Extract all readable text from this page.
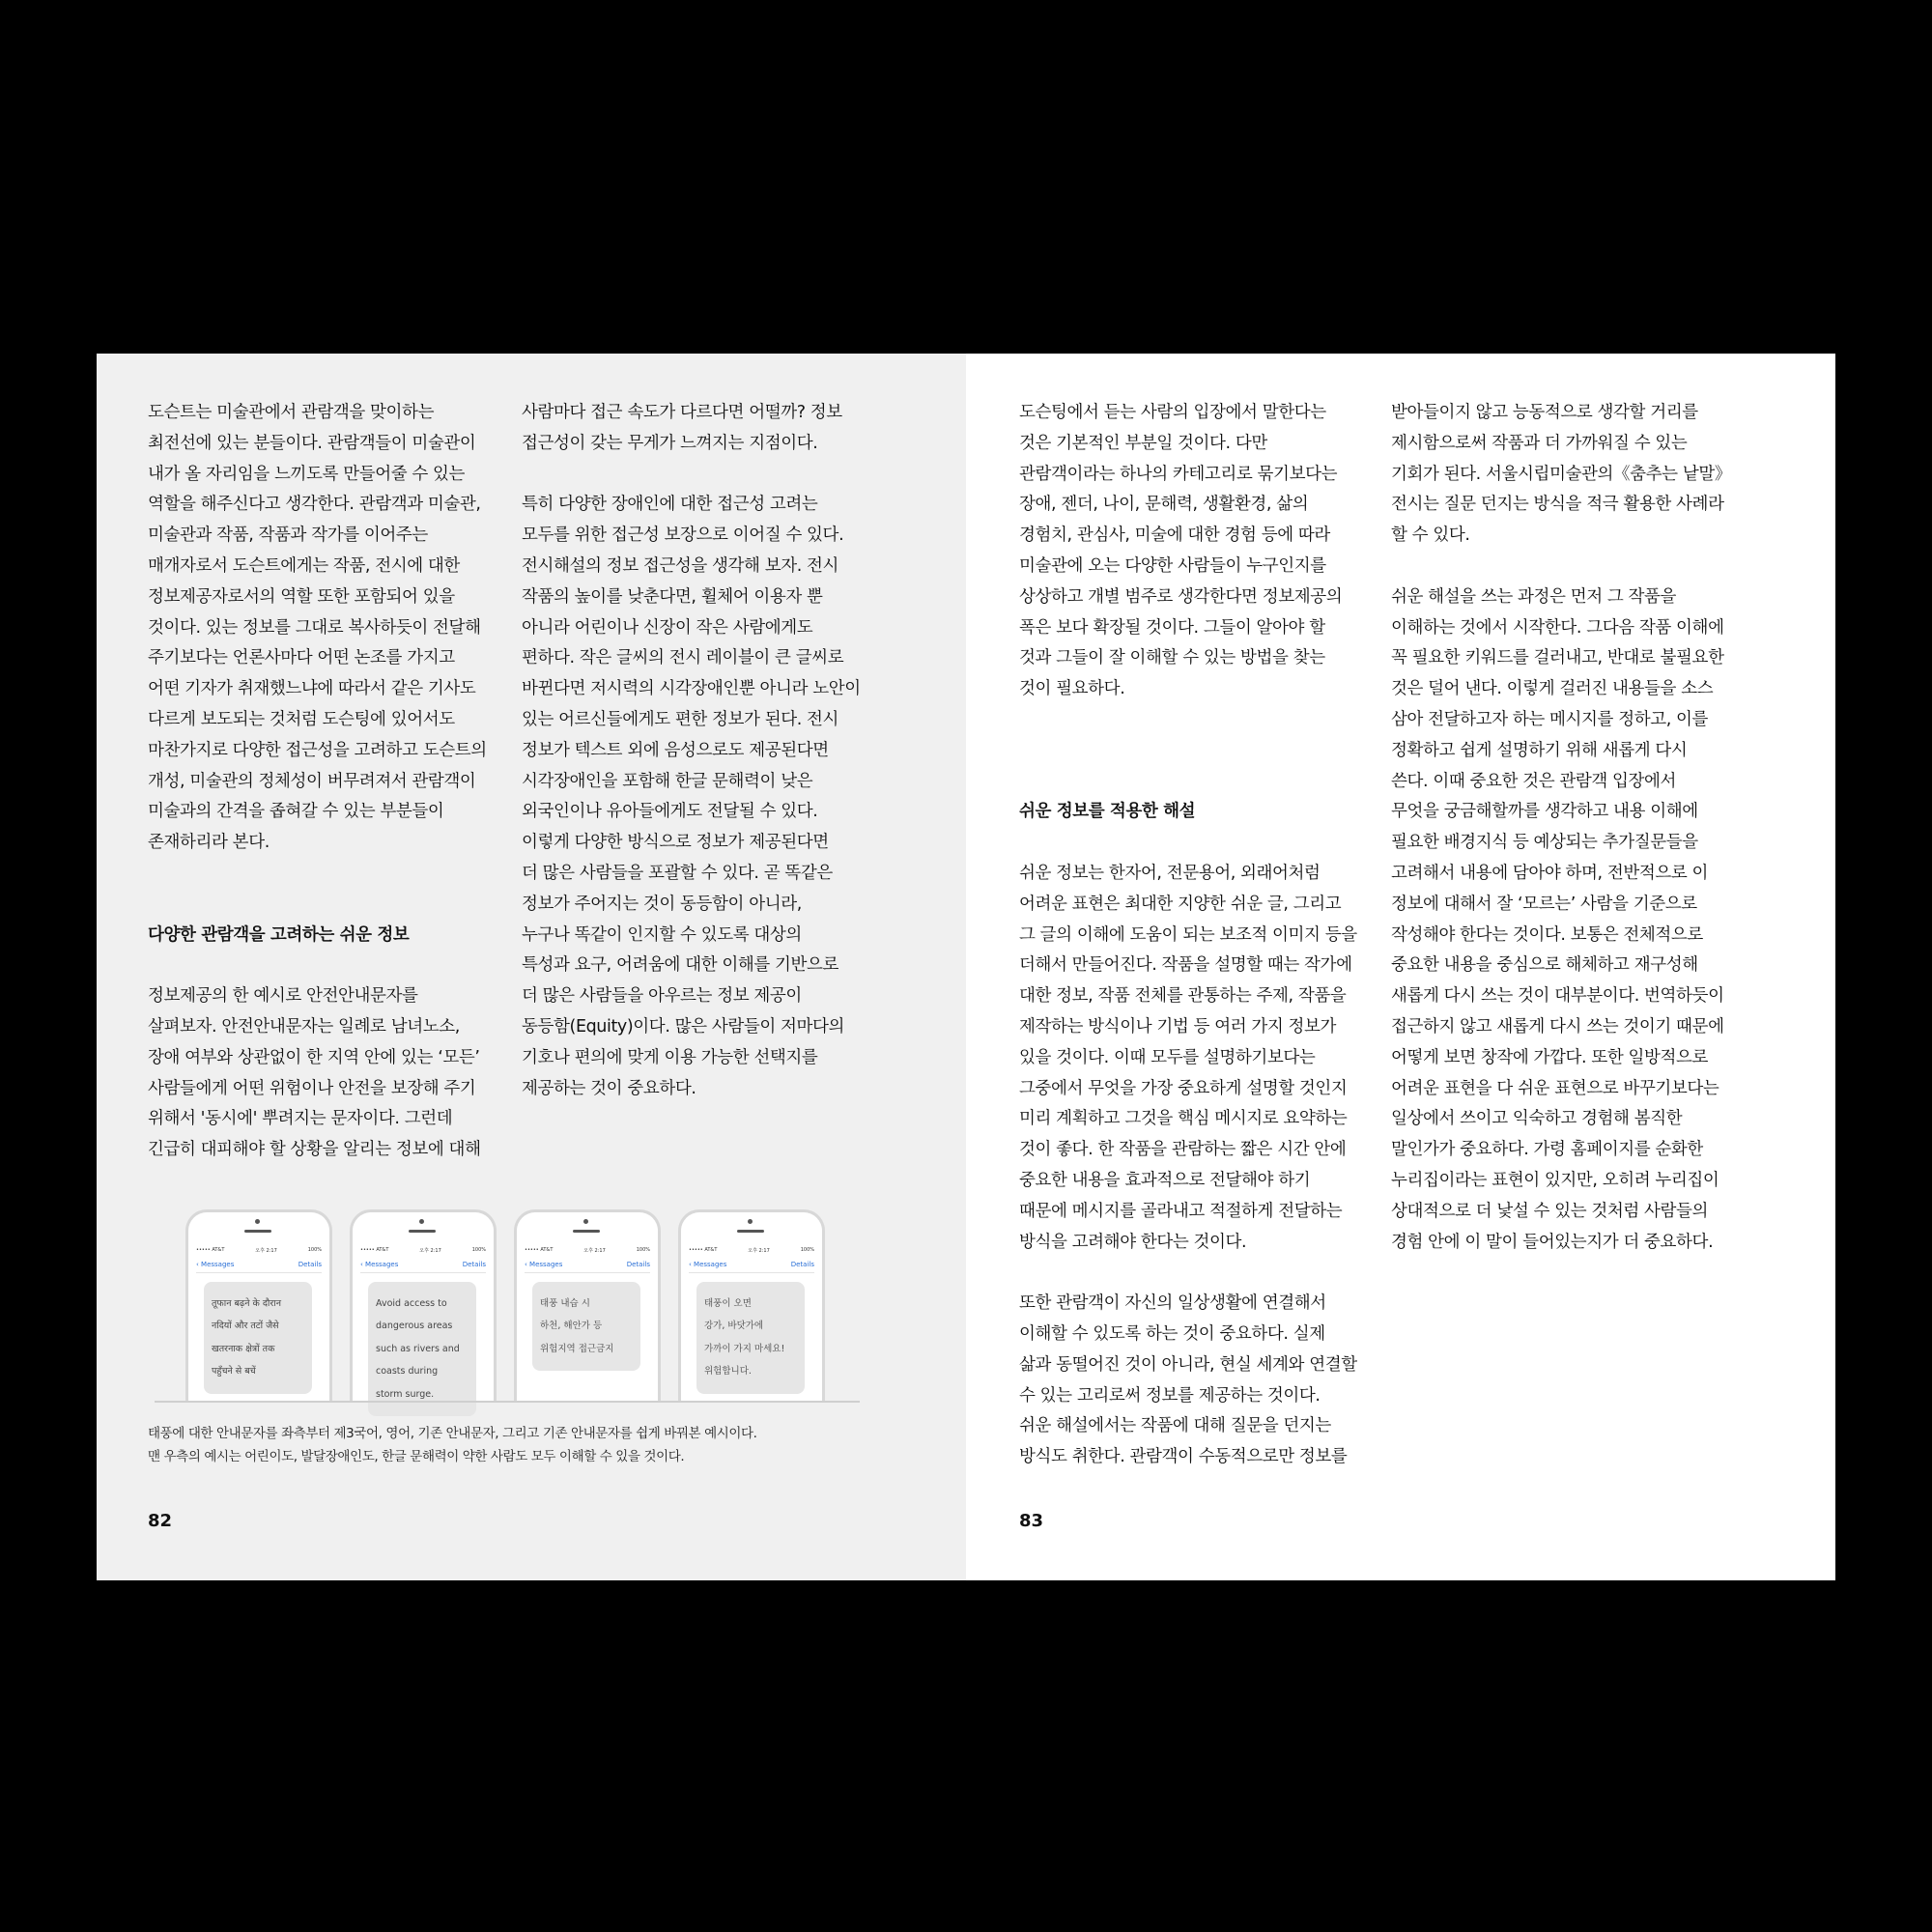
도슨트는 미술관에서 관람객을 맞이하는

최전선에 있는 분들이다. 관람객들이 미술관이

내가 올 자리임을 느끼도록 만들어줄 수 있는

역할을 해주신다고 생각한다. 관람객과 미술관,

미술관과 작품, 작품과 작가를 이어주는

매개자로서 도슨트에게는 작품, 전시에 대한

정보제공자로서의 역할 또한 포함되어 있을

것이다. 있는 정보를 그대로 복사하듯이 전달해

주기보다는 언론사마다 어떤 논조를 가지고

어떤 기자가 취재했느냐에 따라서 같은 기사도

다르게 보도되는 것처럼 도슨팅에 있어서도

마찬가지로 다양한 접근성을 고려하고 도슨트의

개성, 미술관의 정체성이 버무려져서 관람객이

미술과의 간격을 좁혀갈 수 있는 부분들이

존재하리라 본다.

다양한 관람객을 고려하는 쉬운 정보

정보제공의 한 예시로 안전안내문자를

살펴보자. 안전안내문자는 일례로 남녀노소,

장애 여부와 상관없이 한 지역 안에 있는 ‘모든’

사람들에게 어떤 위험이나 안전을 보장해 주기

위해서 '동시에' 뿌려지는 문자이다. 그런데

긴급히 대피해야 할 상황을 알리는 정보에 대해

사람마다 접근 속도가 다르다면 어떨까? 정보

접근성이 갖는 무게가 느껴지는 지점이다.

특히 다양한 장애인에 대한 접근성 고려는

모두를 위한 접근성 보장으로 이어질 수 있다.

전시해설의 정보 접근성을 생각해 보자. 전시

작품의 높이를 낮춘다면, 휠체어 이용자 뿐

아니라 어린이나 신장이 작은 사람에게도

편하다. 작은 글씨의 전시 레이블이 큰 글씨로

바뀐다면 저시력의 시각장애인뿐 아니라 노안이

있는 어르신들에게도 편한 정보가 된다. 전시

정보가 텍스트 외에 음성으로도 제공된다면

시각장애인을 포함해 한글 문해력이 낮은

외국인이나 유아들에게도 전달될 수 있다.

이렇게 다양한 방식으로 정보가 제공된다면

더 많은 사람들을 포괄할 수 있다. 곧 똑같은

정보가 주어지는 것이 동등함이 아니라,

누구나 똑같이 인지할 수 있도록 대상의

특성과 요구, 어려움에 대한 이해를 기반으로

더 많은 사람들을 아우르는 정보 제공이

동등함(Equity)이다. 많은 사람들이 저마다의

기호나 편의에 맞게 이용 가능한 선택지를

제공하는 것이 중요하다.

••••• AT&T	오후 2:17	100%
‹ Messages	Details

तूफान बढ़ने के दौरान

नदियों और तटों जैसे

खतरनाक क्षेत्रों तक

पहुँचने से बचें

••••• AT&T	오후 2:17	100%
‹ Messages	Details

Avoid access to

dangerous areas

such as rivers and

coasts during

storm surge.

••••• AT&T	오후 2:17	100%
‹ Messages	Details

태풍 내습 시

하천, 해안가 등

위험지역 접근금지

••••• AT&T	오후 2:17	100%
‹ Messages	Details

태풍이 오면

강가, 바닷가에

가까이 가지 마세요!

위험합니다.

태풍에 대한 안내문자를 좌측부터 제3국어, 영어, 기존 안내문자, 그리고 기존 안내문자를 쉽게 바꿔본 예시이다.

맨 우측의 예시는 어린이도, 발달장애인도, 한글 문해력이 약한 사람도 모두 이해할 수 있을 것이다.

82

도슨팅에서 듣는 사람의 입장에서 말한다는

것은 기본적인 부분일 것이다. 다만

관람객이라는 하나의 카테고리로 묶기보다는

장애, 젠더, 나이, 문해력, 생활환경, 삶의

경험치, 관심사, 미술에 대한 경험 등에 따라

미술관에 오는 다양한 사람들이 누구인지를

상상하고 개별 범주로 생각한다면 정보제공의

폭은 보다 확장될 것이다. 그들이 알아야 할

것과 그들이 잘 이해할 수 있는 방법을 찾는

것이 필요하다.

쉬운 정보를 적용한 해설

쉬운 정보는 한자어, 전문용어, 외래어처럼

어려운 표현은 최대한 지양한 쉬운 글, 그리고

그 글의 이해에 도움이 되는 보조적 이미지 등을

더해서 만들어진다. 작품을 설명할 때는 작가에

대한 정보, 작품 전체를 관통하는 주제, 작품을

제작하는 방식이나 기법 등 여러 가지 정보가

있을 것이다. 이때 모두를 설명하기보다는

그중에서 무엇을 가장 중요하게 설명할 것인지

미리 계획하고 그것을 핵심 메시지로 요약하는

것이 좋다. 한 작품을 관람하는 짧은 시간 안에

중요한 내용을 효과적으로 전달해야 하기

때문에 메시지를 골라내고 적절하게 전달하는

방식을 고려해야 한다는 것이다.

또한 관람객이 자신의 일상생활에 연결해서

이해할 수 있도록 하는 것이 중요하다. 실제

삶과 동떨어진 것이 아니라, 현실 세계와 연결할

수 있는 고리로써 정보를 제공하는 것이다.

쉬운 해설에서는 작품에 대해 질문을 던지는

방식도 취한다. 관람객이 수동적으로만 정보를

받아들이지 않고 능동적으로 생각할 거리를

제시함으로써 작품과 더 가까워질 수 있는

기회가 된다. 서울시립미술관의《춤추는 낱말》

전시는 질문 던지는 방식을 적극 활용한 사례라

할 수 있다.

쉬운 해설을 쓰는 과정은 먼저 그 작품을

이해하는 것에서 시작한다. 그다음 작품 이해에

꼭 필요한 키워드를 걸러내고, 반대로 불필요한

것은 덜어 낸다. 이렇게 걸러진 내용들을 소스

삼아 전달하고자 하는 메시지를 정하고, 이를

정확하고 쉽게 설명하기 위해 새롭게 다시

쓴다. 이때 중요한 것은 관람객 입장에서

무엇을 궁금해할까를 생각하고 내용 이해에

필요한 배경지식 등 예상되는 추가질문들을

고려해서 내용에 담아야 하며, 전반적으로 이

정보에 대해서 잘 ‘모르는’ 사람을 기준으로

작성해야 한다는 것이다. 보통은 전체적으로

중요한 내용을 중심으로 해체하고 재구성해

새롭게 다시 쓰는 것이 대부분이다. 번역하듯이

접근하지 않고 새롭게 다시 쓰는 것이기 때문에

어떻게 보면 창작에 가깝다. 또한 일방적으로

어려운 표현을 다 쉬운 표현으로 바꾸기보다는

일상에서 쓰이고 익숙하고 경험해 봄직한

말인가가 중요하다. 가령 홈페이지를 순화한

누리집이라는 표현이 있지만, 오히려 누리집이

상대적으로 더 낯설 수 있는 것처럼 사람들의

경험 안에 이 말이 들어있는지가 더 중요하다.

83
